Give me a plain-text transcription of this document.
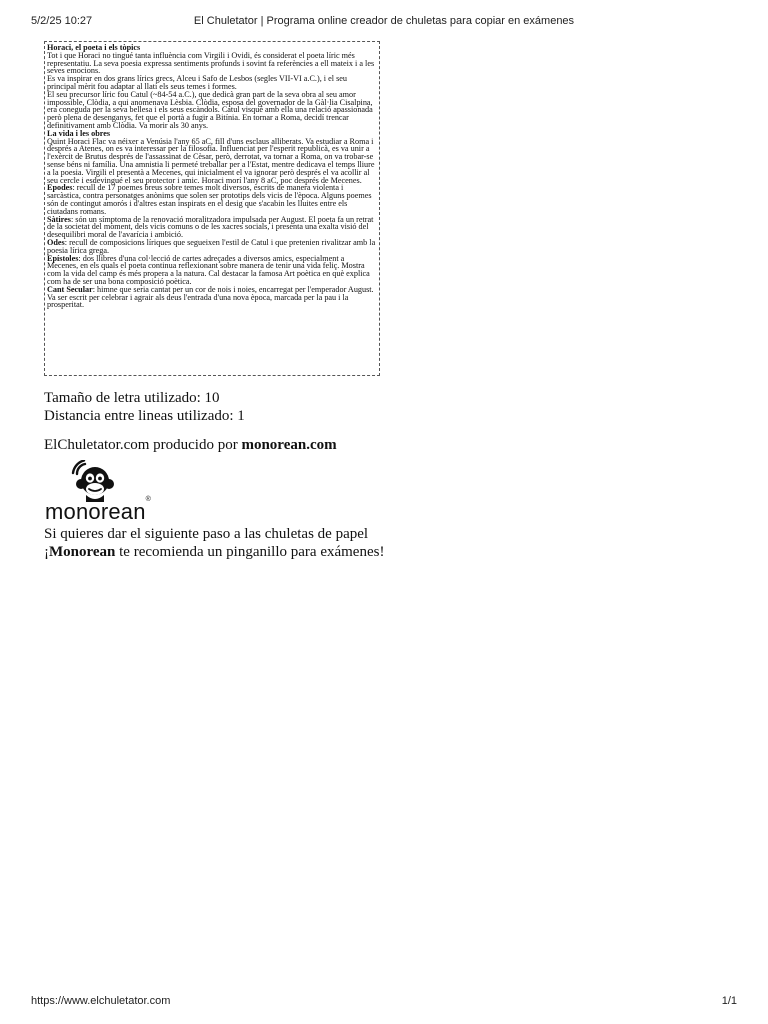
5/2/25 10:27	El Chuletator | Programa online creador de chuletas para copiar en exámenes
Horaci, el poeta i els tòpics

Tot i que Horaci no tingué tanta influència com Virgili i Ovidi, és considerat el poeta líric més representatiu. La seva poesia expressa sentiments profunds i sovint fa referències a ell mateix i a les seves emocions.

Es va inspirar en dos grans lírics grecs, Alceu i Safo de Lesbos (segles VII-VI a.C.), i el seu principal mèrit fou adaptar al llatí els seus temes i formes.

El seu precursor líric fou Catul (~84-54 a.C.), que dedicà gran part de la seva obra al seu amor impossible, Clòdia, a qui anomenava Lèsbia. Clòdia, esposa del governador de la Gàl·lia Cisalpina, era coneguda per la seva bellesa i els seus escàndols. Catul visqué amb ella una relació apassionada però plena de desenganys, fet que el portà a fugir a Bitínia. En tornar a Roma, decidí trencar definitivament amb Clòdia. Va morir als 30 anys.

La vida i les obres

Quint Horaci Flac va néixer a Venúsia l'any 65 aC, fill d'uns esclaus alliberats. Va estudiar a Roma i després a Atenes, on es va interessar per la filosofia. Influenciat per l'esperit republicà, es va unir a l'exèrcit de Brutus després de l'assassinat de Cèsar, però, derrotat, va tornar a Roma, on va trobar-se sense béns ni família. Una amnistia li permeté treballar per a l'Estat, mentre dedicava el temps lliure a la poesia. Virgili el presentà a Mecenes, qui inicialment el va ignorar però després el va acollir al seu cercle i esdevingué el seu protector i amic. Horaci morí l'any 8 aC, poc després de Mecenes.

Epodes: recull de 17 poemes breus sobre temes molt diversos, escrits de manera violenta i sarcàstica, contra personatges anònims que solen ser prototips dels vicis de l'època. Alguns poemes són de contingut amorós i d'altres estan inspirats en el desig que s'acabin les lluites entre els ciutadans romans.

Sàtires: són un símptoma de la renovació moralitzadora impulsada per August. El poeta fa un retrat de la societat del moment, dels vicis comuns o de les xacres socials, i presenta una exalta visió del desequilibri moral de l'avarícia i ambició.

Odes: recull de composicions líriques que segueixen l'estil de Catul i que pretenien rivalitzar amb la poesia lírica grega.

Epístoles: dos llibres d'una col·lecció de cartes adreçades a diversos amics, especialment a Mecenes, en els quals el poeta continua reflexionant sobre manera de tenir una vida feliç. Mostra com la vida del camp és més propera a la natura. Cal destacar la famosa Art poètica en què explica com ha de ser una bona composició poètica.

Cant Secular: himne que seria cantat per un cor de nois i noies, encarregat per l'emperador August. Va ser escrit per celebrar i agrair als deus l'entrada d'una nova època, marcada per la pau i la prosperitat.

Tamaño de letra utilizado: 10
Distancia entre lineas utilizado: 1
ElChuletator.com producido por monorean.com
monorean®
Si quieres dar el siguiente paso a las chuletas de papel
¡Monorean te recomienda un pinganillo para exámenes!
https://www.elchuletator.com	1/1
